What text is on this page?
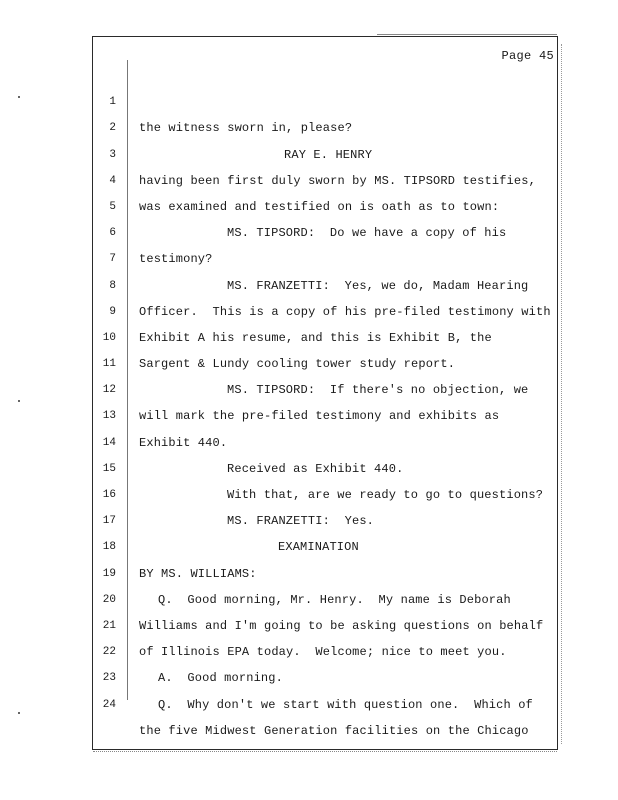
Page 45

1

the witness sworn in, please?

2

RAY E. HENRY

3

having been first duly sworn by MS. TIPSORD testifies,

4

was examined and testified on is oath as to town:

5

MS. TIPSORD:  Do we have a copy of his

6

testimony?

7

MS. FRANZETTI:  Yes, we do, Madam Hearing

8

Officer.  This is a copy of his pre-filed testimony with

9

Exhibit A his resume, and this is Exhibit B, the

10

Sargent & Lundy cooling tower study report.

11

MS. TIPSORD:  If there's no objection, we

12

will mark the pre-filed testimony and exhibits as

13

Exhibit 440.

14

Received as Exhibit 440.

15

With that, are we ready to go to questions?

16

MS. FRANZETTI:  Yes.

17

EXAMINATION

18

BY MS. WILLIAMS:

19

Q.  Good morning, Mr. Henry.  My name is Deborah

20

Williams and I'm going to be asking questions on behalf

21

of Illinois EPA today.  Welcome; nice to meet you.

22

A.  Good morning.

23

Q.  Why don't we start with question one.  Which of

24

the five Midwest Generation facilities on the Chicago
